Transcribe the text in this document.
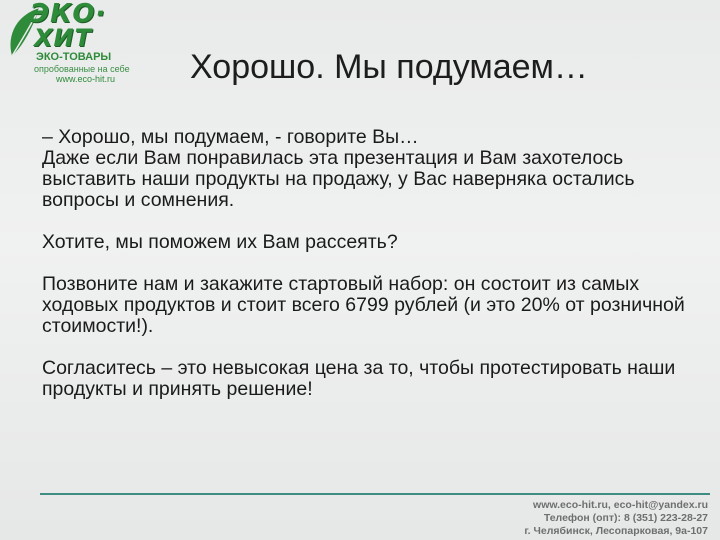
ЭКО·
ХИТ
ЭКО-ТОВАРЫ
опробованные на себе
www.eco-hit.ru Хорошо. Мы подумаем…

– Хорошо, мы подумаем, - говорите Вы…

Даже если Вам понравилась эта презентация и Вам захотелось выставить наши продукты на продажу, у Вас наверняка остались вопросы и сомнения.

Хотите, мы поможем их Вам рассеять?

Позвоните нам и закажите стартовый набор: он состоит из самых ходовых продуктов и стоит всего 6799 рублей (и это 20% от розничной стоимости!).

Согласитесь – это невысокая цена за то, чтобы протестировать наши продукты и принять решение!

www.eco-hit.ru, eco-hit@yandex.ru
Телефон (опт): 8 (351) 223-28-27
г. Челябинск, Лесопарковая, 9а-107
